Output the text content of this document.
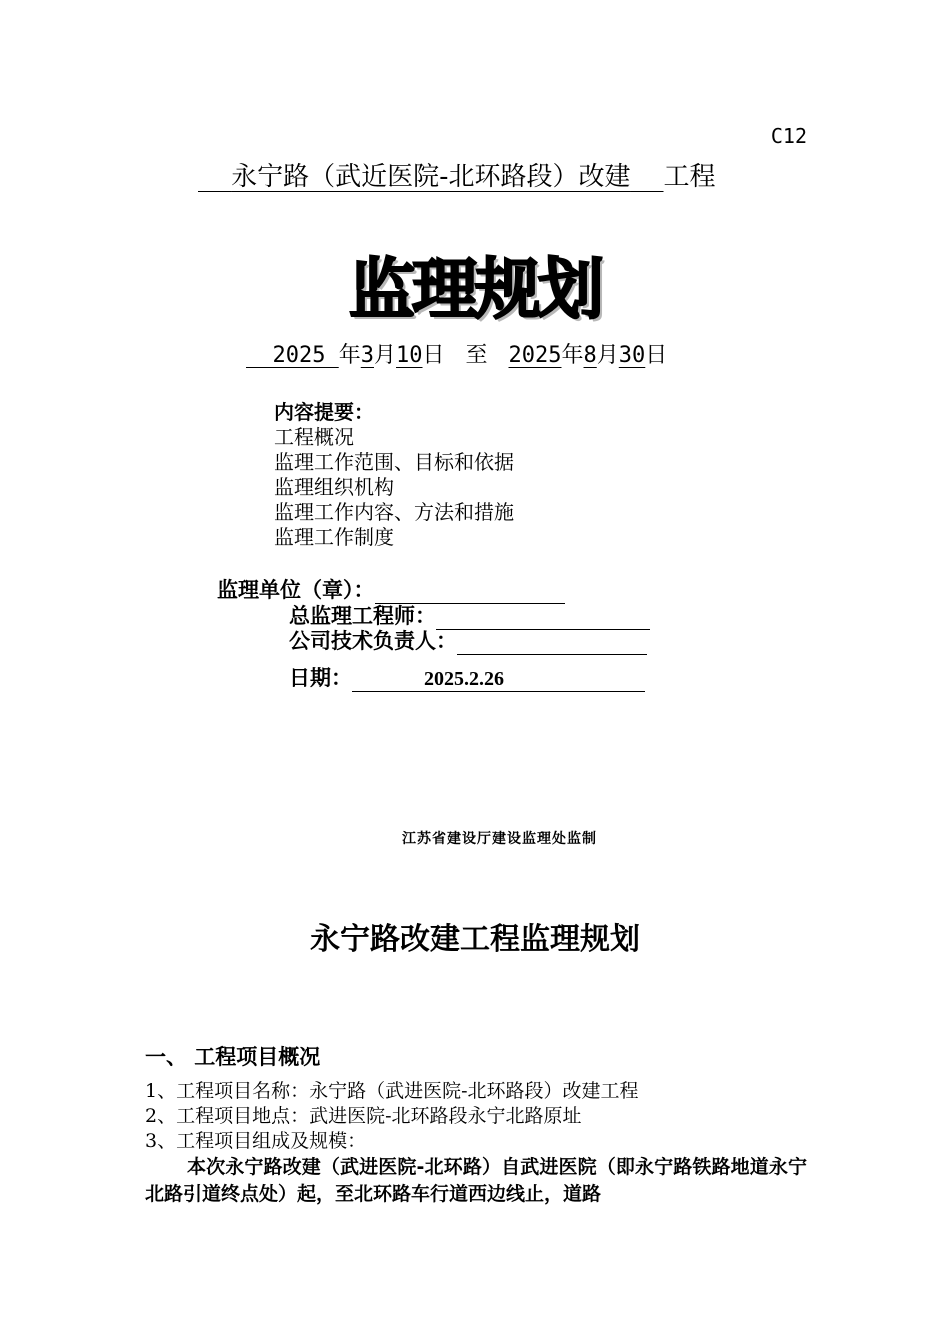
C12
永宁路（武近医院-北环路段）改建 工程
监理规划
2025 年3月10日 至 2025年8月30日
内容提要：
工程概况
监理工作范围、目标和依据
监理组织机构
监理工作内容、方法和措施
监理工作制度
监理单位（章）：
总监理工程师：
公司技术负责人：
日期：	2025.2.26
江苏省建设厅建设监理处监制
永宁路改建工程监理规划
一、 工程项目概况
1、工程项目名称：永宁路（武进医院-北环路段）改建工程
2、工程项目地点：武进医院-北环路段永宁北路原址
3、工程项目组成及规模：
本次永宁路改建（武进医院-北环路）自武进医院（即永宁路铁路地道永宁北路引道终点处）起，至北环路车行道西边线止，道路
